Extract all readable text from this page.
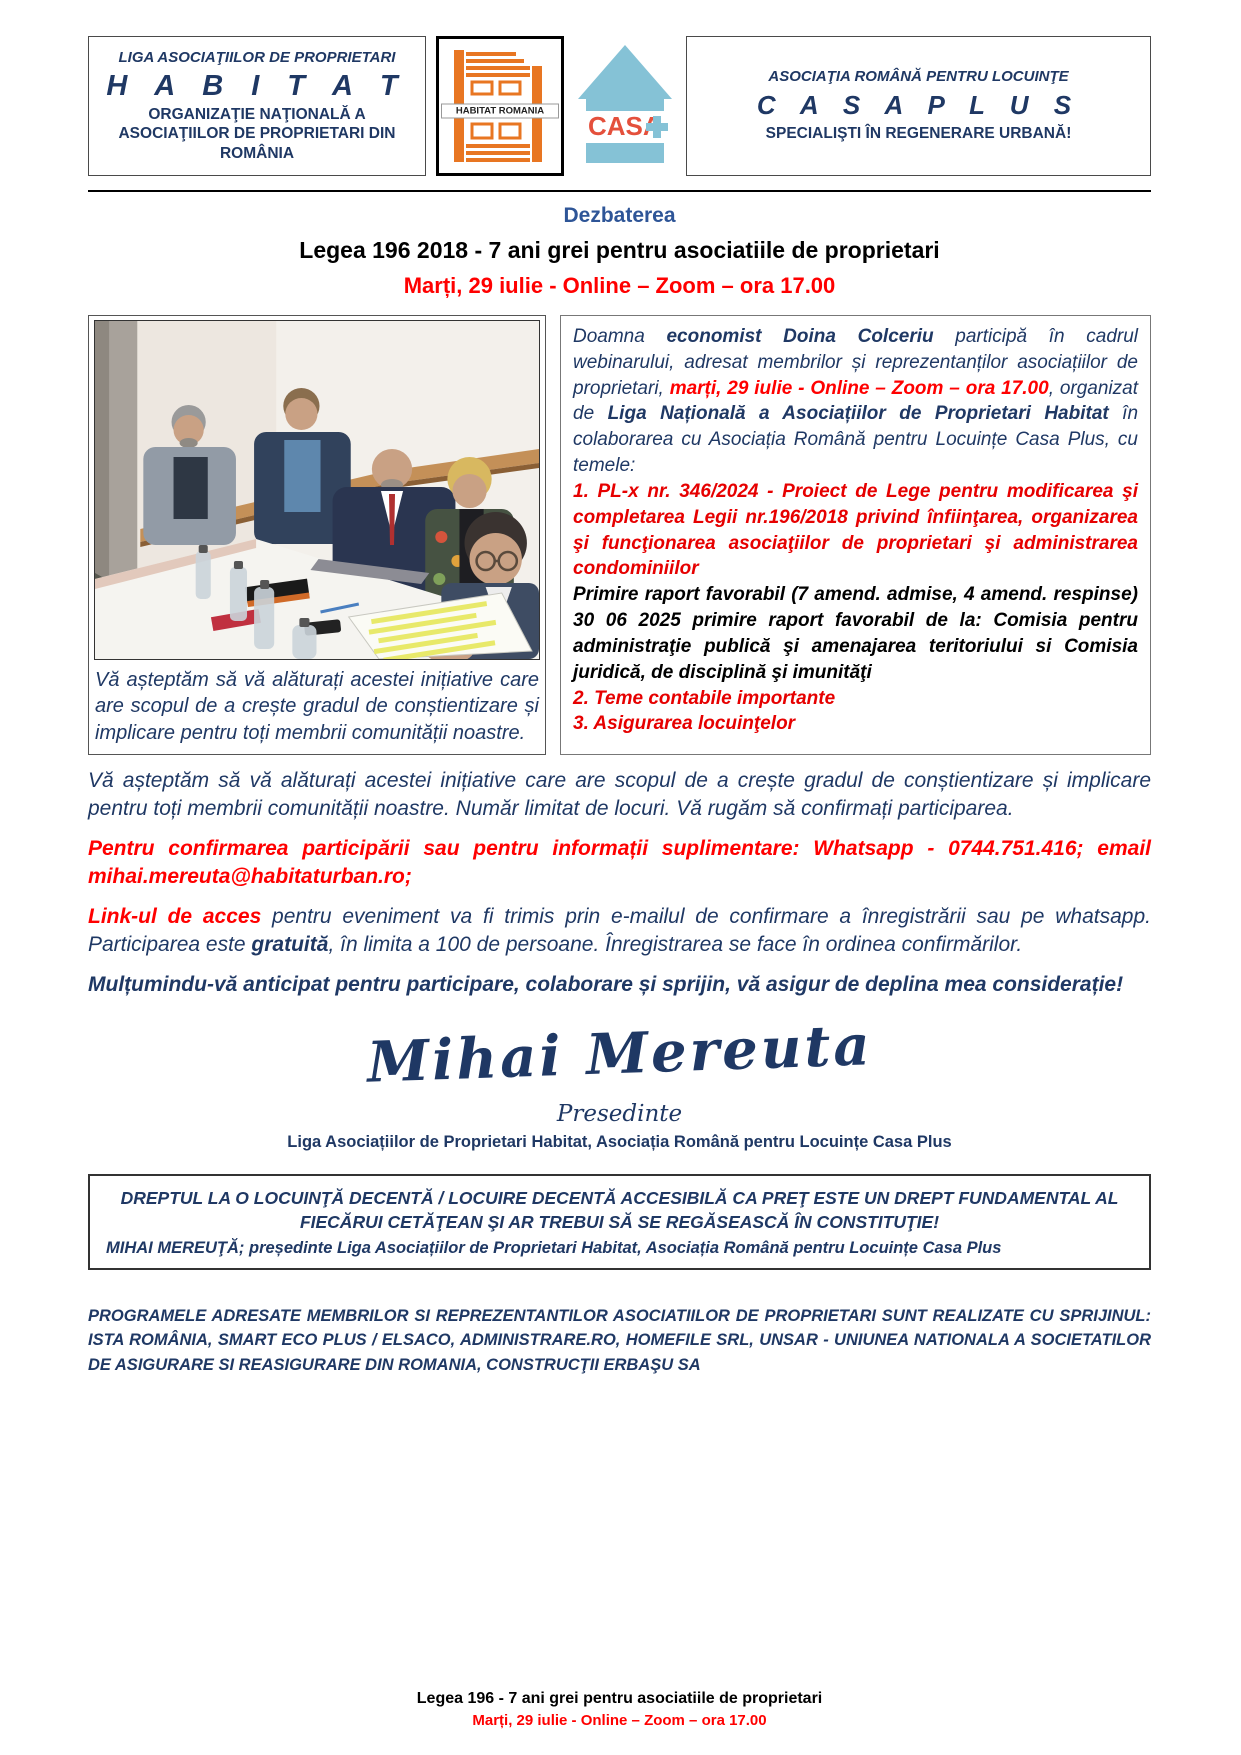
LIGA ASOCIAŢIILOR DE PROPRIETARI
H A B I T A T
ORGANIZAŢIE NAŢIONALĂ A ASOCIAŢIILOR DE PROPRIETARI DIN ROMÂNIA
HABITAT ROMANIA	CASA
ASOCIAŢIA ROMÂNĂ PENTRU LOCUINŢE
C A S A P L U S
SPECIALIŞTI ÎN REGENERARE URBANĂ!
Dezbaterea
Legea 196 2018 - 7 ani grei pentru asociatiile de proprietari
Marți, 29 iulie - Online – Zoom – ora 17.00

Vă așteptăm să vă alăturați acestei inițiative care are scopul de a crește gradul de conștientizare și implicare pentru toți membrii comunității noastre.

Doamna economist Doina Colceriu participă în cadrul webinarului, adresat membrilor și reprezentanților asociațiilor de proprietari, marți, 29 iulie - Online – Zoom – ora 17.00, organizat de Liga Națională a Asociațiilor de Proprietari Habitat în colaborarea cu Asociația Română pentru Locuințe Casa Plus, cu temele:

1. PL-x nr. 346/2024 - Proiect de Lege pentru modificarea şi completarea Legii nr.196/2018 privind înfiinţarea, organizarea şi funcţionarea asociaţiilor de proprietari şi administrarea condominiilor

Primire raport favorabil (7 amend. admise, 4 amend. respinse) 30 06 2025 primire raport favorabil de la: Comisia pentru administraţie publică şi amenajarea teritoriului si Comisia juridică, de disciplină şi imunităţi

2. Teme contabile importante

3. Asigurarea locuinţelor

Vă așteptăm să vă alăturați acestei inițiative care are scopul de a crește gradul de conștientizare și implicare pentru toți membrii comunității noastre. Număr limitat de locuri. Vă rugăm să confirmați participarea.

Pentru confirmarea participării sau pentru informații suplimentare: Whatsapp - 0744.751.416; email mihai.mereuta@habitaturban.ro;

Link-ul de acces pentru eveniment va fi trimis prin e-mailul de confirmare a înregistrării sau pe whatsapp. Participarea este gratuită, în limita a 100 de persoane. Înregistrarea se face în ordinea confirmărilor.

Mulțumindu-vă anticipat pentru participare, colaborare și sprijin, vă asigur de deplina mea considerație!

Mihai Mereuta
Presedinte
Liga Asociațiilor de Proprietari Habitat, Asociația Română pentru Locuințe Casa Plus
DREPTUL LA O LOCUINŢĂ DECENTĂ / LOCUIRE DECENTĂ ACCESIBILĂ CA PREŢ ESTE UN DREPT FUNDAMENTAL AL FIECĂRUI CETĂŢEAN ŞI AR TREBUI SĂ SE REGĂSEASCĂ ÎN CONSTITUŢIE!
MIHAI MEREUŢĂ; președinte Liga Asociațiilor de Proprietari Habitat, Asociația Română pentru Locuințe Casa Plus

PROGRAMELE ADRESATE MEMBRILOR SI REPREZENTANTILOR ASOCIATIILOR DE PROPRIETARI SUNT REALIZATE CU SPRIJINUL: ISTA ROMÂNIA, SMART ECO PLUS / ELSACO, ADMINISTRARE.RO, HOMEFILE SRL, UNSAR - UNIUNEA NATIONALA A SOCIETATILOR DE ASIGURARE SI REASIGURARE DIN ROMANIA, CONSTRUCŢII ERBAŞU SA

Legea 196 - 7 ani grei pentru asociatiile de proprietari
Marți, 29 iulie - Online – Zoom – ora 17.00
